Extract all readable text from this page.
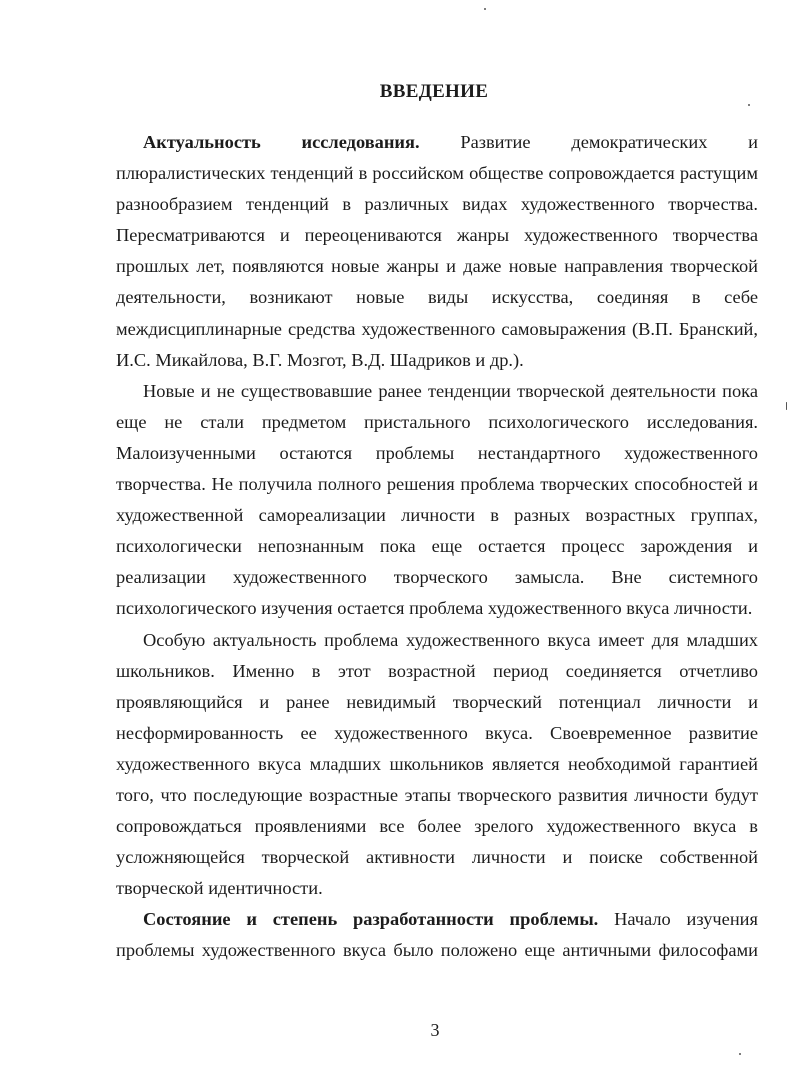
ВВЕДЕНИЕ

Актуальность исследования. Развитие демократических и плюралистических тенденций в российском обществе сопровождается растущим разнообразием тенденций в различных видах художественного творчества. Пересматриваются и переоцениваются жанры художественного творчества прошлых лет, появляются новые жанры и даже новые направления творческой деятельности, возникают новые виды искусства, соединяя в себе междисциплинарные средства художественного самовыражения (В.П. Бранский, И.С. Микайлова, В.Г. Мозгот, В.Д. Шадриков и др.).

Новые и не существовавшие ранее тенденции творческой деятельности пока еще не стали предметом пристального психологического исследования. Малоизученными остаются проблемы нестандартного художественного творчества. Не получила полного решения проблема творческих способностей и художественной самореализации личности в разных возрастных группах, психологически непознанным пока еще остается процесс зарождения и реализации художественного творческого замысла. Вне системного психологического изучения остается проблема художественного вкуса личности.

Особую актуальность проблема художественного вкуса имеет для младших школьников. Именно в этот возрастной период соединяется отчетливо проявляющийся и ранее невидимый творческий потенциал личности и несформированность ее художественного вкуса. Своевременное развитие художественного вкуса младших школьников является необходимой гарантией того, что последующие возрастные этапы творческого развития личности будут сопровождаться проявлениями все более зрелого художественного вкуса в усложняющейся творческой активности личности и поиске собственной творческой идентичности.

Состояние и степень разработанности проблемы. Начало изучения проблемы художественного вкуса было положено еще античными философами

3
